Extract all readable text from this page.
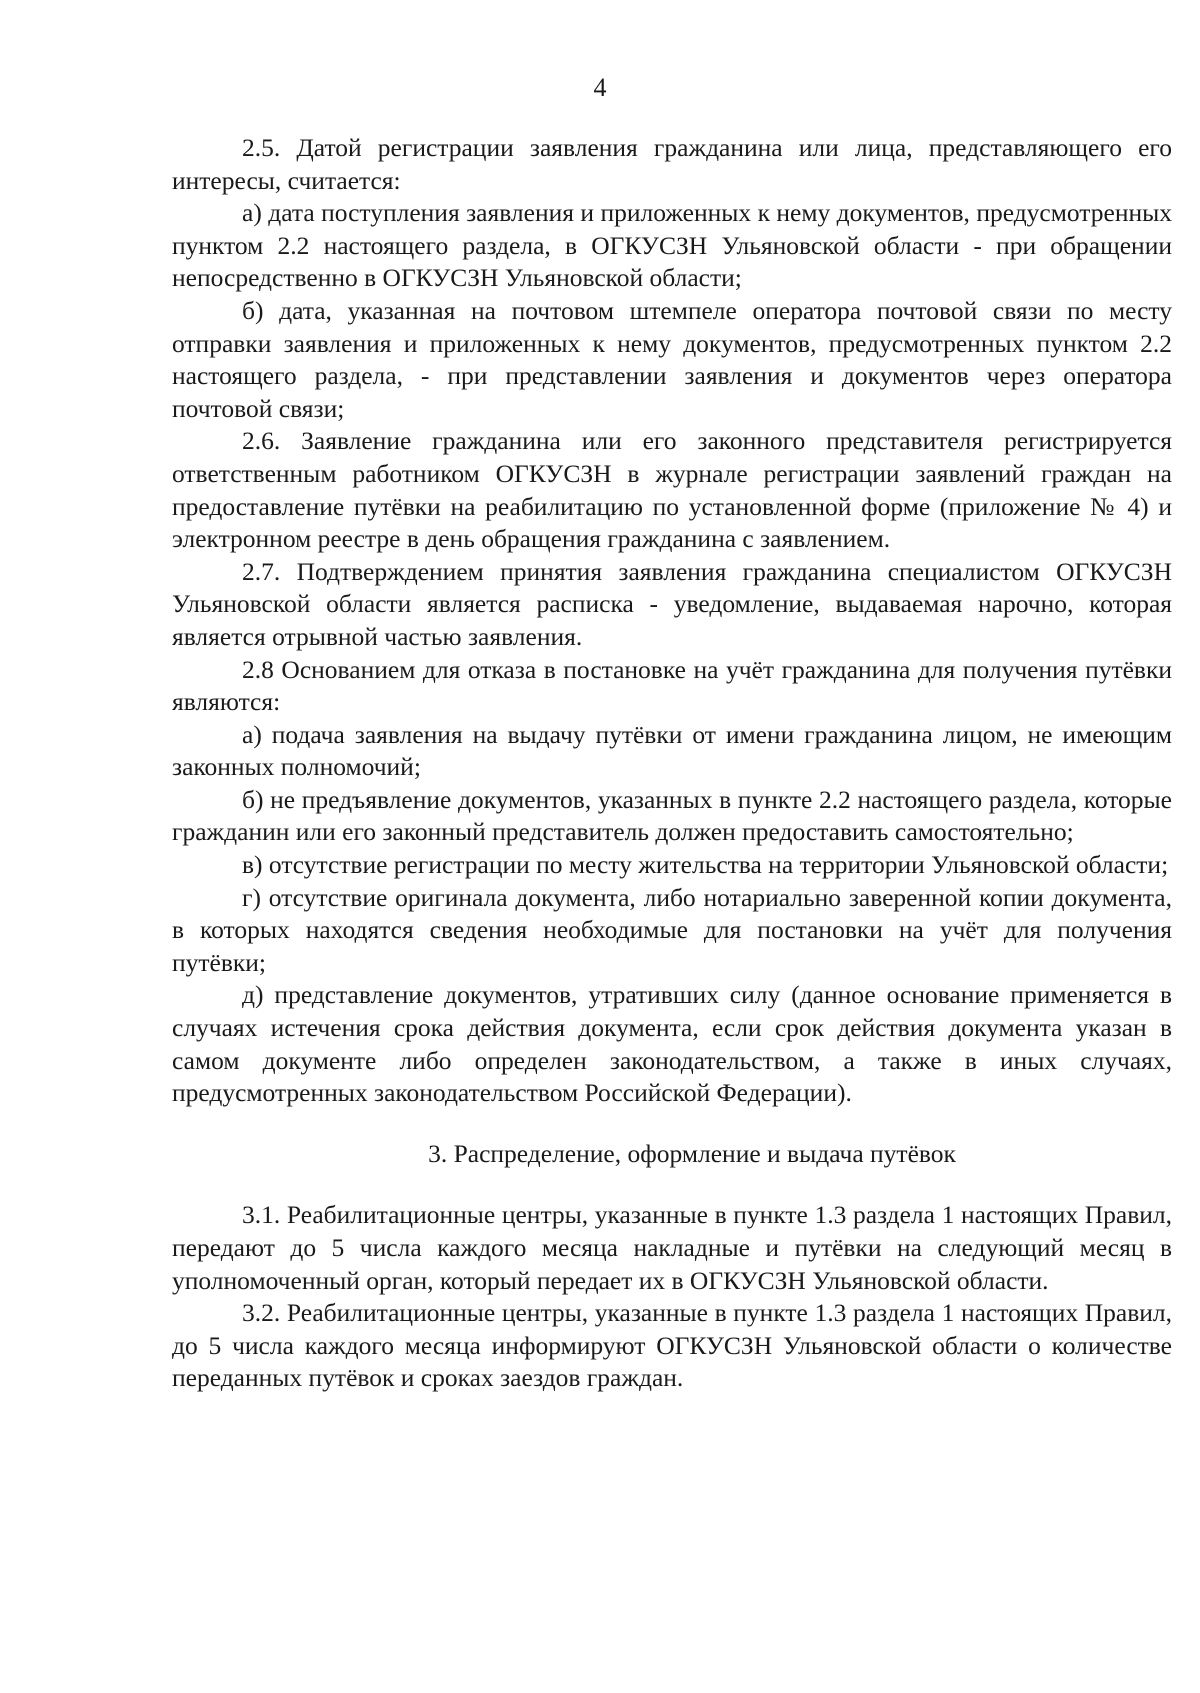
4

2.5. Датой регистрации заявления гражданина или лица, представляющего его интересы, считается:

а) дата поступления заявления и приложенных к нему документов, предусмотренных пунктом 2.2 настоящего раздела, в ОГКУСЗН Ульяновской области - при обращении непосредственно в ОГКУСЗН Ульяновской области;

б) дата, указанная на почтовом штемпеле оператора почтовой связи по месту отправки заявления и приложенных к нему документов, предусмотренных пунктом 2.2 настоящего раздела, - при представлении заявления и документов через оператора почтовой связи;

2.6. Заявление гражданина или его законного представителя регистрируется ответственным работником ОГКУСЗН в журнале регистрации заявлений граждан на предоставление путёвки на реабилитацию по установленной форме (приложение № 4) и электронном реестре в день обращения гражданина с заявлением.

2.7. Подтверждением принятия заявления гражданина специалистом ОГКУСЗН Ульяновской области является расписка - уведомление, выдаваемая нарочно, которая является отрывной частью заявления.

2.8 Основанием для отказа в постановке на учёт гражданина для получения путёвки являются:

а) подача заявления на выдачу путёвки от имени гражданина лицом, не имеющим законных полномочий;

б) не предъявление документов, указанных в пункте 2.2 настоящего раздела, которые гражданин или его законный представитель должен предоставить самостоятельно;

в) отсутствие регистрации по месту жительства на территории Ульяновской области;

г) отсутствие оригинала документа, либо нотариально заверенной копии документа, в которых находятся сведения необходимые для постановки на учёт для получения путёвки;

д) представление документов, утративших силу (данное основание применяется в случаях истечения срока действия документа, если срок действия документа указан в самом документе либо определен законодательством, а также в иных случаях, предусмотренных законодательством Российской Федерации).

3. Распределение, оформление и выдача путёвок

3.1. Реабилитационные центры, указанные в пункте 1.3 раздела 1 настоящих Правил, передают до 5 числа каждого месяца накладные и путёвки на следующий месяц в уполномоченный орган, который передает их в ОГКУСЗН Ульяновской области.

3.2. Реабилитационные центры, указанные в пункте 1.3 раздела 1 настоящих Правил, до 5 числа каждого месяца информируют ОГКУСЗН Ульяновской области о количестве переданных путёвок и сроках заездов граждан.
